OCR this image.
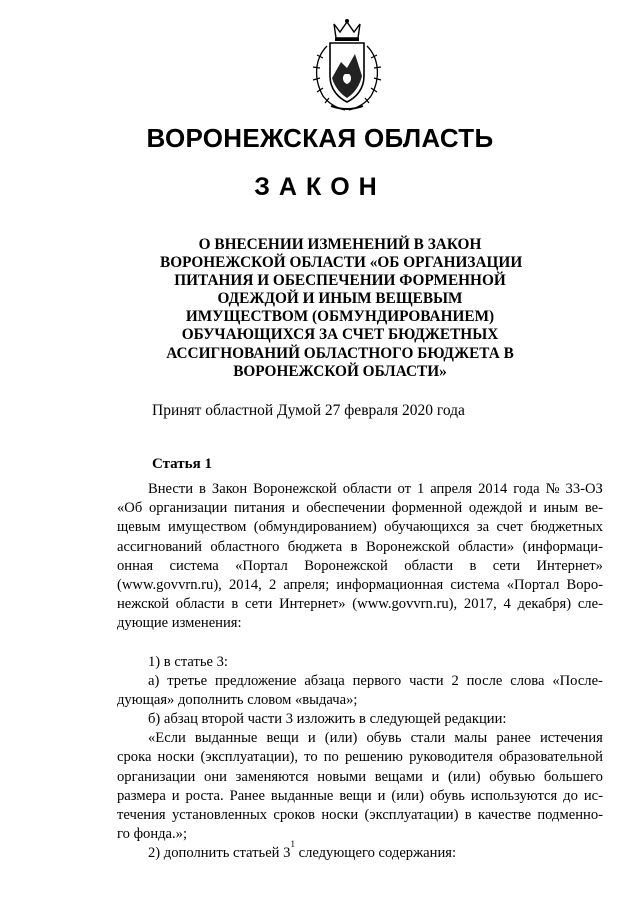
ВОРОНЕЖСКАЯ ОБЛАСТЬ
ЗАКОН
О ВНЕСЕНИИ ИЗМЕНЕНИЙ В ЗАКОН
ВОРОНЕЖСКОЙ ОБЛАСТИ «ОБ ОРГАНИЗАЦИИ
ПИТАНИЯ И ОБЕСПЕЧЕНИИ ФОРМЕННОЙ
ОДЕЖДОЙ И ИНЫМ ВЕЩЕВЫМ
ИМУЩЕСТВОМ (ОБМУНДИРОВАНИЕМ)
ОБУЧАЮЩИХСЯ ЗА СЧЕТ БЮДЖЕТНЫХ
АССИГНОВАНИЙ ОБЛАСТНОГО БЮДЖЕТА В
ВОРОНЕЖСКОЙ ОБЛАСТИ»
Принят областной Думой 27 февраля 2020 года
Статья 1
Внести в Закон Воронежской области от 1 апреля 2014 года № 33-ОЗ
«Об организации питания и обеспечении форменной одеждой и иным ве-
щевым имуществом (обмундированием) обучающихся за счет бюджетных
ассигнований областного бюджета в Воронежской области» (информаци-
онная система «Портал Воронежской области в сети Интернет»
(www.govvrn.ru), 2014, 2 апреля; информационная система «Портал Воро-
нежской области в сети Интернет» (www.govvrn.ru), 2017, 4 декабря) сле-
дующие изменения:
1) в статье 3:
а) третье предложение абзаца первого части 2 после слова «После-
дующая» дополнить словом «выдача»;
б) абзац второй части 3 изложить в следующей редакции:
«Если выданные вещи и (или) обувь стали малы ранее истечения
срока носки (эксплуатации), то по решению руководителя образовательной
организации они заменяются новыми вещами и (или) обувью большего
размера и роста. Ранее выданные вещи и (или) обувь используются до ис-
течения установленных сроков носки (эксплуатации) в качестве подменно-
го фонда.»;
2) дополнить статьей 3
1
следующего содержания:
